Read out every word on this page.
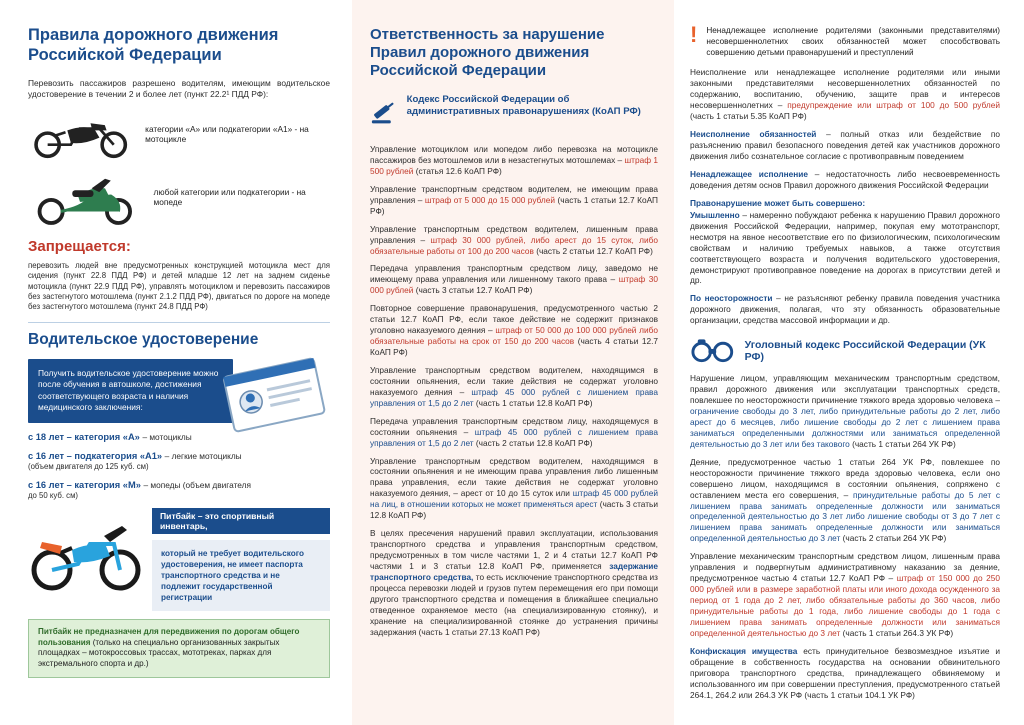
Правила дорожного движения Российской Федерации

Перевозить пассажиров разрешено водителям, имеющим водительское удостоверение в течении 2 и более лет (пункт 22.2¹ ПДД РФ):

категории «А» или подкатегории «А1» - на мотоцикле
любой категории или подкатегории - на мопеде
Запрещается:

перевозить людей вне предусмотренных конструкцией мотоцикла мест для сидения (пункт 22.8 ПДД РФ) и детей младше 12 лет на заднем сиденье мотоцикла (пункт 22.9 ПДД РФ), управлять мотоциклом и перевозить пассажиров без застегнутого мотошлема (пункт 2.1.2 ПДД РФ), двигаться по дороге на мопеде без застегнутого мотошлема (пункт 24.8 ПДД РФ)

Водительское удостоверение
Получить водительское удостоверение можно после обучения в автошколе, достижения соответствующего возраста и наличия медицинского заключения:
с 18 лет – категория «А» – мотоциклы
с 16 лет – подкатегория «А1» – легкие мотоциклы
(объем двигателя до 125 куб. см)
с 16 лет – категория «М» – мопеды (объем двигателя
до 50 куб. см)
Питбайк – это спортивный инвентарь,
который не требует водительского удостоверения, не имеет паспорта транспортного средства и не подлежит государственной регистрации
Питбайк не предназначен для передвижения по дорогам общего пользования (только на специально организованных закрытых площадках – мотокроссовых трассах, мототреках, парках для экстремального спорта и др.)
Ответственность за нарушение Правил дорожного движения Российской Федерации
Кодекс Российской Федерации об административных правонарушениях (КоАП РФ)

Управление мотоциклом или мопедом либо перевозка на мотоцикле пассажиров без мотошлемов или в незастегнутых мотошлемах – штраф 1 500 рублей (статья 12.6 КоАП РФ)

Управление транспортным средством водителем, не имеющим права управления – штраф от 5 000 до 15 000 рублей (часть 1 статьи 12.7 КоАП РФ)

Управление транспортным средством водителем, лишенным права управления – штраф 30 000 рублей, либо арест до 15 суток, либо обязательные работы от 100 до 200 часов (часть 2 статьи 12.7 КоАП РФ)

Передача управления транспортным средством лицу, заведомо не имеющему права управления или лишенному такого права – штраф 30 000 рублей (часть 3 статьи 12.7 КоАП РФ)

Повторное совершение правонарушения, предусмотренного частью 2 статьи 12.7 КоАП РФ, если такое действие не содержит признаков уголовно наказуемого деяния – штраф от 50 000 до 100 000 рублей либо обязательные работы на срок от 150 до 200 часов (часть 4 статьи 12.7 КоАП РФ)

Управление транспортным средством водителем, находящимся в состоянии опьянения, если такие действия не содержат уголовно наказуемого деяния – штраф 45 000 рублей с лишением права управления от 1,5 до 2 лет (часть 1 статьи 12.8 КоАП РФ)

Передача управления транспортным средством лицу, находящемуся в состоянии опьянения – штраф 45 000 рублей с лишением права управления от 1,5 до 2 лет (часть 2 статьи 12.8 КоАП РФ)

Управление транспортным средством водителем, находящимся в состоянии опьянения и не имеющим права управления либо лишенным права управления, если такие действия не содержат уголовно наказуемого деяния, – арест от 10 до 15 суток или штраф 45 000 рублей на лиц, в отношении которых не может применяться арест (часть 3 статьи 12.8 КоАП РФ)

В целях пресечения нарушений правил эксплуатации, использования транспортного средства и управления транспортным средством, предусмотренных в том числе частями 1, 2 и 4 статьи 12.7 КоАП РФ частями 1 и 3 статьи 12.8 КоАП РФ, применяется задержание транспортного средства, то есть исключение транспортного средства из процесса перевозки людей и грузов путем перемещения его при помощи другого транспортного средства и помещения в ближайшее специально отведенное охраняемое место (на специализированную стоянку), и хранение на специализированной стоянке до устранения причины задержания (часть 1 статьи 27.13 КоАП РФ)

! Ненадлежащее исполнение родителями (законными представителями) несовершеннолетних своих обязанностей может способствовать совершению детьми правонарушений и преступлений

Неисполнение или ненадлежащее исполнение родителями или иными законными представителями несовершеннолетних обязанностей по содержанию, воспитанию, обучению, защите прав и интересов несовершеннолетних – предупреждение или штраф от 100 до 500 рублей (часть 1 статьи 5.35 КоАП РФ)

Неисполнение обязанностей – полный отказ или бездействие по разъяснению правил безопасного поведения детей как участников дорожного движения либо сознательное согласие с противоправным поведением

Ненадлежащее исполнение – недостаточность либо несвоевременность доведения детям основ Правил дорожного движения Российской Федерации

Правонарушение может быть совершено:

Умышленно – намеренно побуждают ребенка к нарушению Правил дорожного движения Российской Федерации, например, покупая ему мототранспорт, несмотря на явное несоответствие его по физиологическим, психологическим свойствам и наличию требуемых навыков, а также отсутствия соответствующего возраста и получения водительского удостоверения, демонстрируют противоправное поведение на дорогах в присутствии детей и др.

По неосторожности – не разъясняют ребенку правила поведения участника дорожного движения, полагая, что эту обязанность образовательные организации, средства массовой информации и др.

Уголовный кодекс Российской Федерации (УК РФ)

Нарушение лицом, управляющим механическим транспортным средством, правил дорожного движения или эксплуатации транспортных средств, повлекшее по неосторожности причинение тяжкого вреда здоровью человека – ограничение свободы до 3 лет, либо принудительные работы до 2 лет, либо арест до 6 месяцев, либо лишение свободы до 2 лет с лишением права заниматься определенными должностями или заниматься определенной деятельностью до 3 лет или без такового (часть 1 статьи 264 УК РФ)

Деяние, предусмотренное частью 1 статьи 264 УК РФ, повлекшее по неосторожности причинение тяжкого вреда здоровью человека, если оно совершено лицом, находящимся в состоянии опьянения, сопряжено с оставлением места его совершения, – принудительные работы до 5 лет с лишением права занимать определенные должности или заниматься определенной деятельностью до 3 лет либо лишение свободы от 3 до 7 лет с лишением права занимать определенные должности или заниматься определенной деятельностью до 3 лет (часть 2 статьи 264 УК РФ)

Управление механическим транспортным средством лицом, лишенным права управления и подвергнутым административному наказанию за деяние, предусмотренное частью 4 статьи 12.7 КоАП РФ – штраф от 150 000 до 250 000 рублей или в размере заработной платы или иного дохода осужденного за период от 1 года до 2 лет, либо обязательные работы до 360 часов, либо принудительные работы до 1 года, либо лишение свободы до 1 года с лишением права занимать определенные должности или заниматься определенной деятельностью до 3 лет (часть 1 статьи 264.3 УК РФ)

Конфискация имущества есть принудительное безвозмездное изъятие и обращение в собственность государства на основании обвинительного приговора транспортного средства, принадлежащего обвиняемому и использованного им при совершении преступления, предусмотренного статьей 264.1, 264.2 или 264.3 УК РФ (часть 1 статьи 104.1 УК РФ)
